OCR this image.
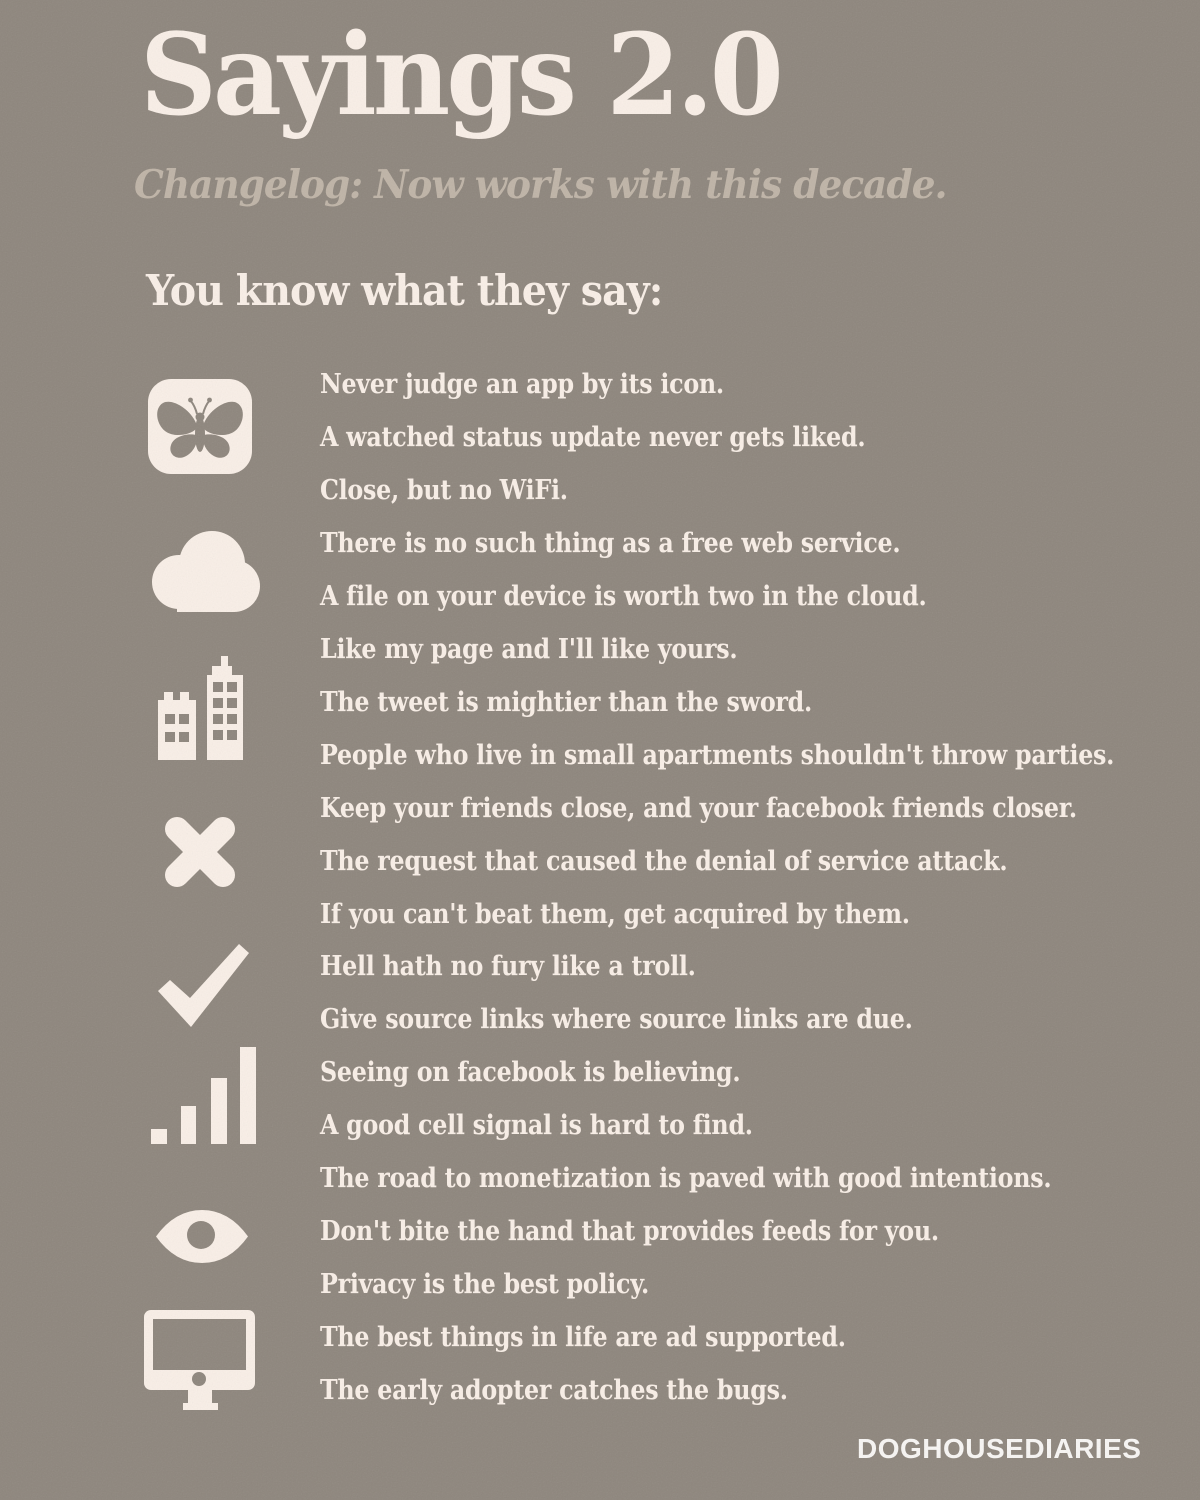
Sayings 2.0
Changelog: Now works with this decade.
You know what they say:
Never judge an app by its icon.
A watched status update never gets liked.
Close, but no WiFi.
There is no such thing as a free web service.
A file on your device is worth two in the cloud.
Like my page and I'll like yours.
The tweet is mightier than the sword.
People who live in small apartments shouldn't throw parties.
Keep your friends close, and your facebook friends closer.
The request that caused the denial of service attack.
If you can't beat them, get acquired by them.
Hell hath no fury like a troll.
Give source links where source links are due.
Seeing on facebook is believing.
A good cell signal is hard to find.
The road to monetization is paved with good intentions.
Don't bite the hand that provides feeds for you.
Privacy is the best policy.
The best things in life are ad supported.
The early adopter catches the bugs.
DOGHOUSEDIARIES
